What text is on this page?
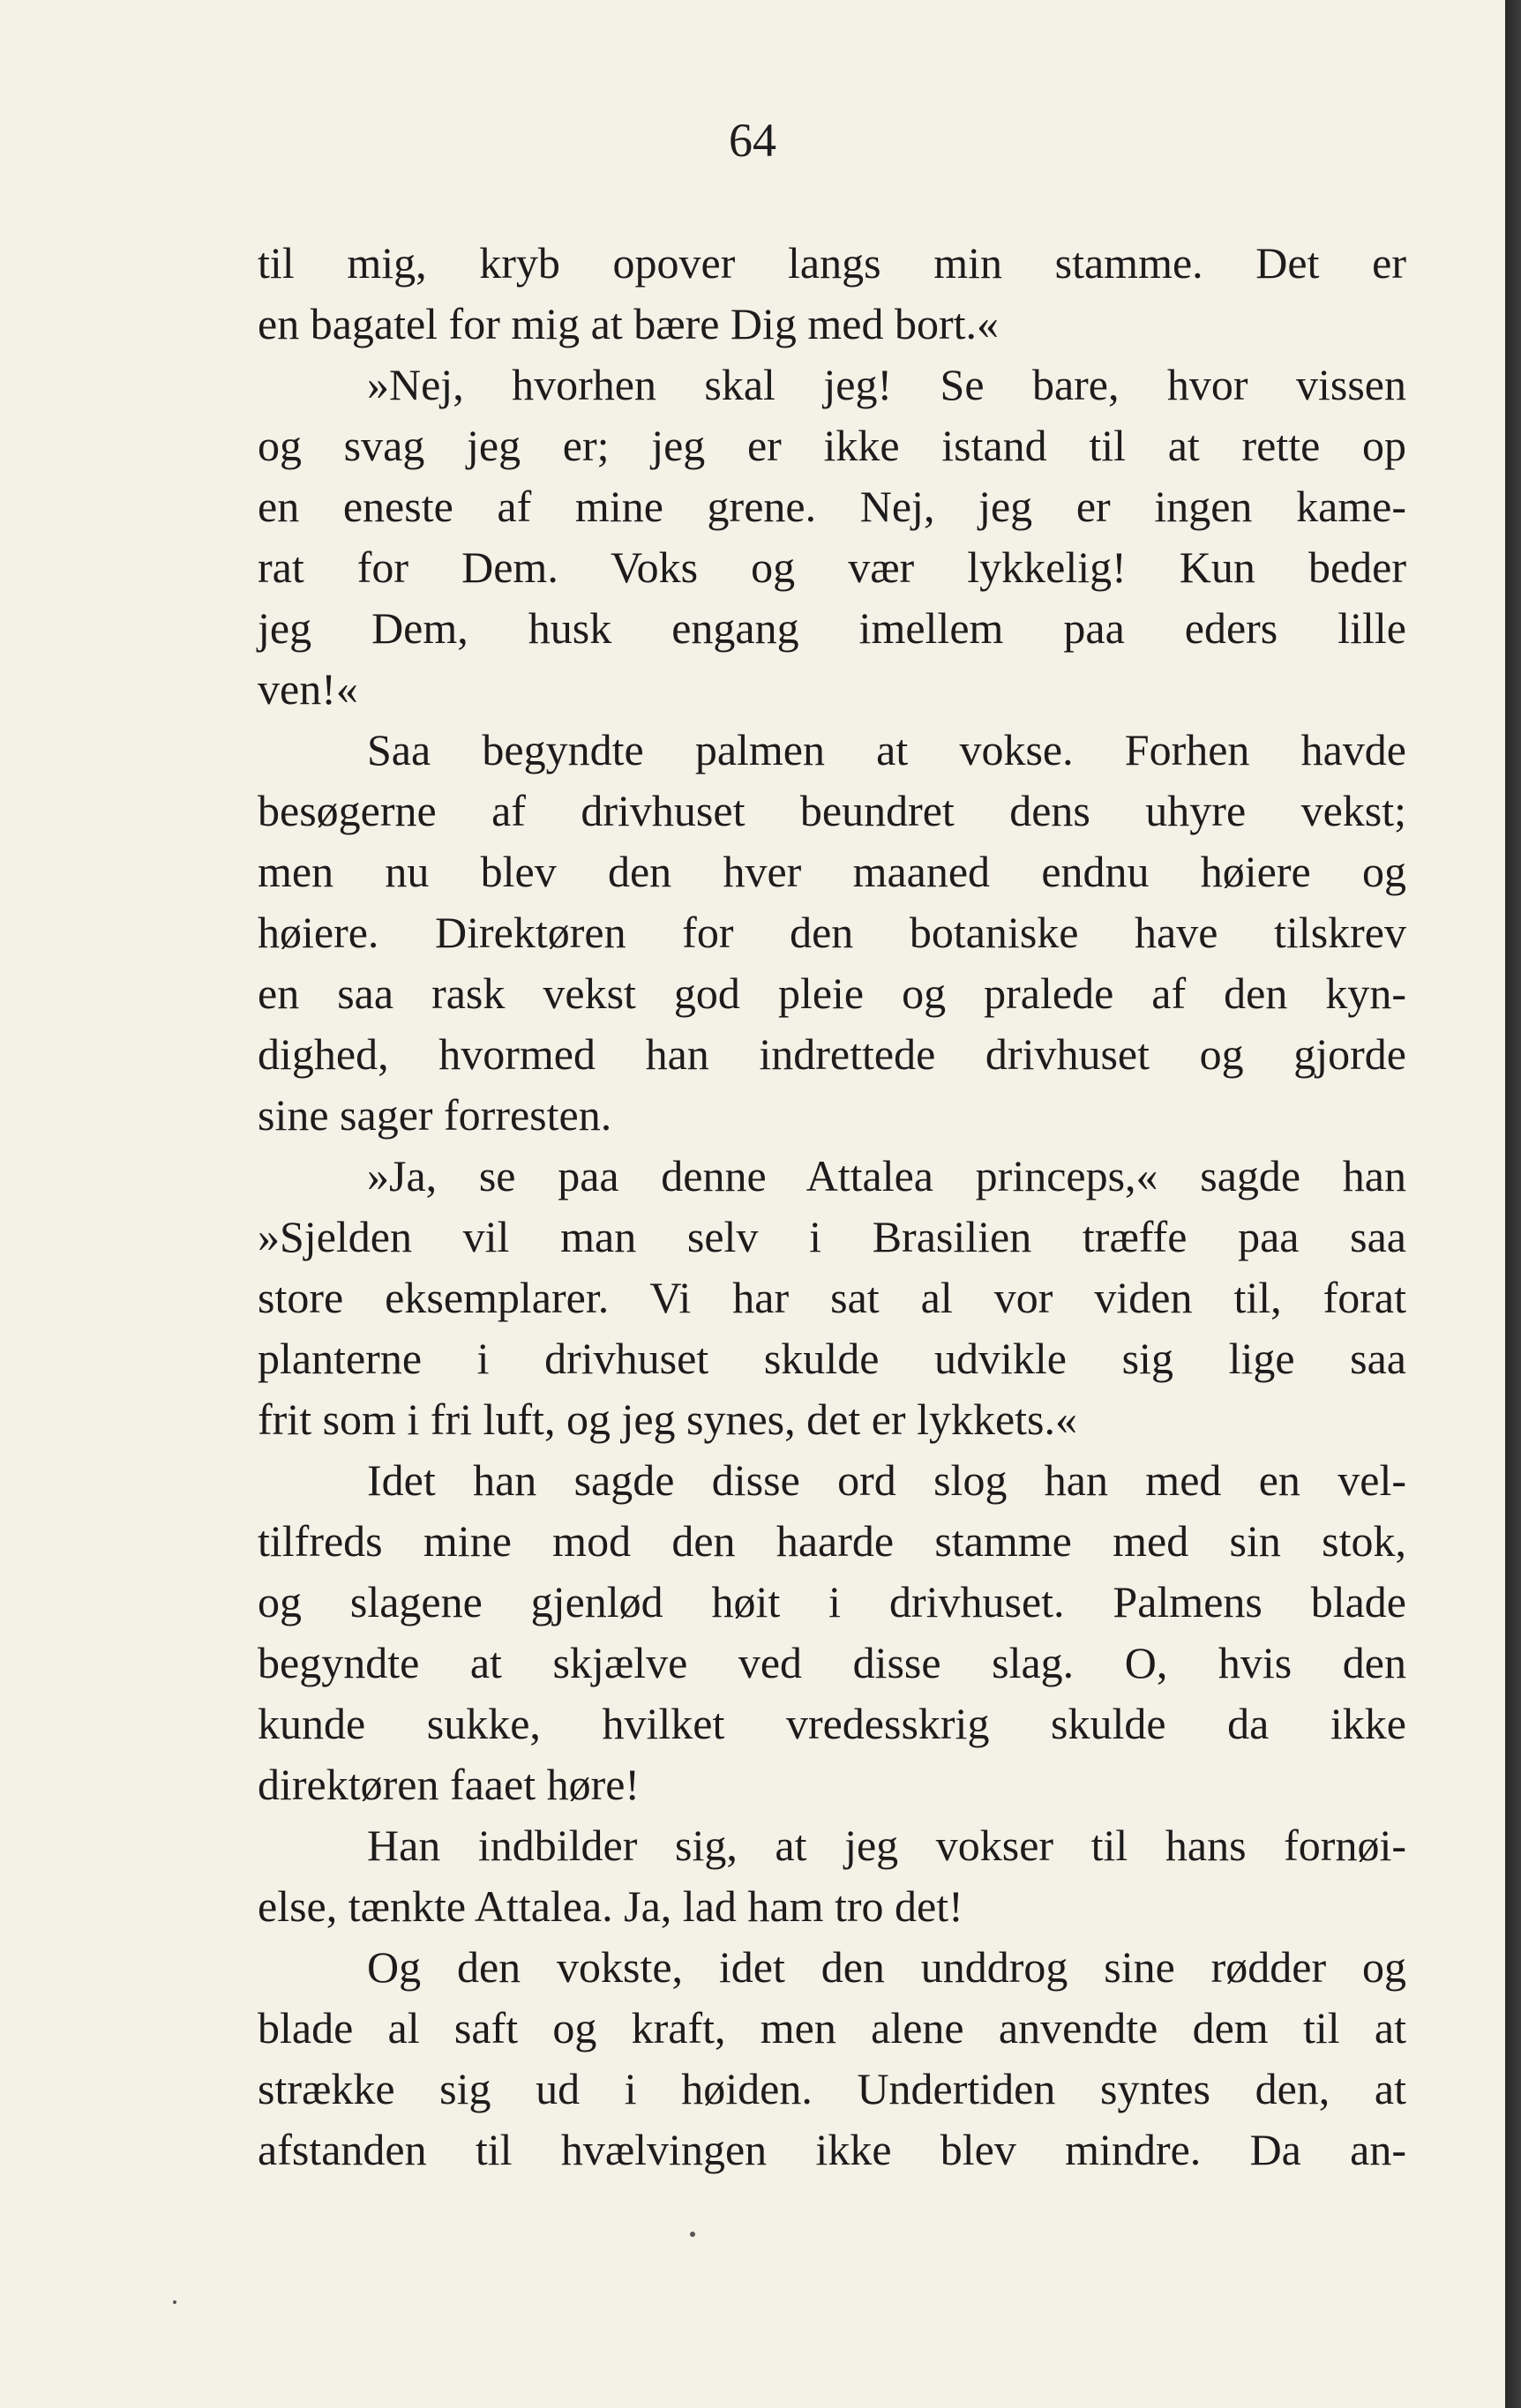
64

til mig, kryb opover langs min stamme. Det er
en bagatel for mig at bære Dig med bort.«
»Nej, hvorhen skal jeg! Se bare, hvor vissen
og svag jeg er; jeg er ikke istand til at rette op
en eneste af mine grene. Nej, jeg er ingen kame-
rat for Dem. Voks og vær lykkelig! Kun beder
jeg Dem, husk engang imellem paa eders lille
ven!«
Saa begyndte palmen at vokse. Forhen havde
besøgerne af drivhuset beundret dens uhyre vekst;
men nu blev den hver maaned endnu høiere og
høiere. Direktøren for den botaniske have tilskrev
en saa rask vekst god pleie og pralede af den kyn-
dighed, hvormed han indrettede drivhuset og gjorde
sine sager forresten.
»Ja, se paa denne Attalea princeps,« sagde han
»Sjelden vil man selv i Brasilien træffe paa saa
store eksemplarer. Vi har sat al vor viden til, forat
planterne i drivhuset skulde udvikle sig lige saa
frit som i fri luft, og jeg synes, det er lykkets.«
Idet han sagde disse ord slog han med en vel-
tilfreds mine mod den haarde stamme med sin stok,
og slagene gjenlød høit i drivhuset. Palmens blade
begyndte at skjælve ved disse slag. O, hvis den
kunde sukke, hvilket vredesskrig skulde da ikke
direktøren faaet høre!
Han indbilder sig, at jeg vokser til hans fornøi-
else, tænkte Attalea. Ja, lad ham tro det!
Og den vokste, idet den unddrog sine rødder og
blade al saft og kraft, men alene anvendte dem til at
strække sig ud i høiden. Undertiden syntes den, at
afstanden til hvælvingen ikke blev mindre. Da an-
